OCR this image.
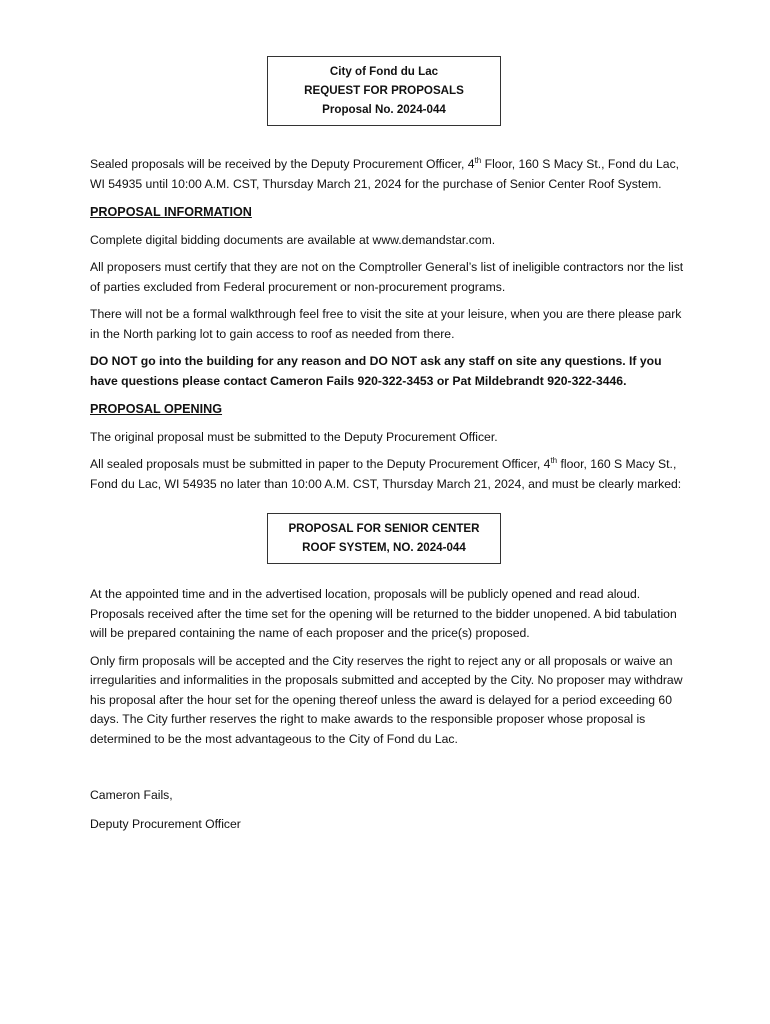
City of Fond du Lac
REQUEST FOR PROPOSALS
Proposal No. 2024-044

Sealed proposals will be received by the Deputy Procurement Officer, 4th Floor, 160 S Macy St., Fond du Lac, WI 54935 until 10:00 A.M. CST, Thursday March 21, 2024 for the purchase of Senior Center Roof System.

PROPOSAL INFORMATION

Complete digital bidding documents are available at www.demandstar.com.

All proposers must certify that they are not on the Comptroller General’s list of ineligible contractors nor the list of parties excluded from Federal procurement or non-procurement programs.

There will not be a formal walkthrough feel free to visit the site at your leisure, when you are there please park in the North parking lot to gain access to roof as needed from there.

DO NOT go into the building for any reason and DO NOT ask any staff on site any questions. If you have questions please contact Cameron Fails 920-322-3453 or Pat Mildebrandt 920-322-3446.

PROPOSAL OPENING

The original proposal must be submitted to the Deputy Procurement Officer.

All sealed proposals must be submitted in paper to the Deputy Procurement Officer, 4th floor, 160 S Macy St., Fond du Lac, WI 54935 no later than 10:00 A.M. CST, Thursday March 21, 2024, and must be clearly marked:

PROPOSAL FOR SENIOR CENTER
ROOF SYSTEM, NO. 2024-044

At the appointed time and in the advertised location, proposals will be publicly opened and read aloud. Proposals received after the time set for the opening will be returned to the bidder unopened. A bid tabulation will be prepared containing the name of each proposer and the price(s) proposed.

Only firm proposals will be accepted and the City reserves the right to reject any or all proposals or waive an irregularities and informalities in the proposals submitted and accepted by the City. No proposer may withdraw his proposal after the hour set for the opening thereof unless the award is delayed for a period exceeding 60 days. The City further reserves the right to make awards to the responsible proposer whose proposal is determined to be the most advantageous to the City of Fond du Lac.

Cameron Fails,

Deputy Procurement Officer
